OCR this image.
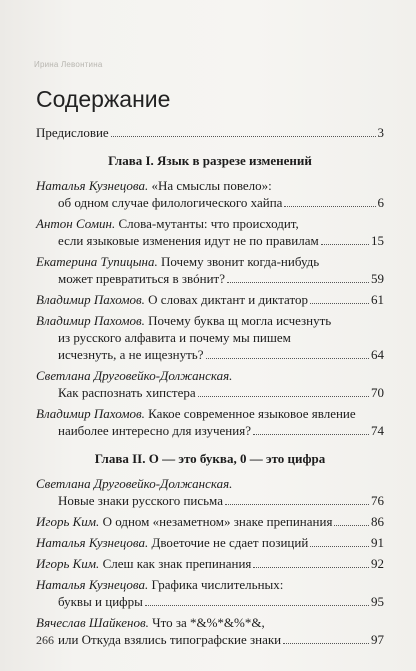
Ирина Левонтина
Содержание
Предисловие	3
Глава I. Язык в разрезе изменений
Наталья Кузнецова. «На смыслы повело»:
об одном случае филологического хайпа	6
Антон Сомин. Слова-мутанты: что происходит,
если языковые изменения идут не по правилам	15
Екатерина Тупицына. Почему звонит когда-нибудь
может превратиться в звóнит?	59
Владимир Пахомов. О словах диктант и диктатор	61
Владимир Пахомов. Почему буква щ могла исчезнуть
из русского алфавита и почему мы пишем
исчезнуть, а не ищезнуть?	64
Светлана Друговейко-Должанская.
Как распознать хипстера	70
Владимир Пахомов. Какое современное языковое явление
наиболее интересно для изучения?	74
Глава II. О — это буква, 0 — это цифра
Светлана Друговейко-Должанская.
Новые знаки русского письма	76
Игорь Ким. О одном «незаметном» знаке препинания	86
Наталья Кузнецова. Двоеточие не сдает позиций	91
Игорь Ким. Слеш как знак препинания	92
Наталья Кузнецова. Графика числительных:
буквы и цифры	95
Вячеслав Шайкенов. Что за *&%*&%*&,
или Откуда взялись типографские знаки	97
266
